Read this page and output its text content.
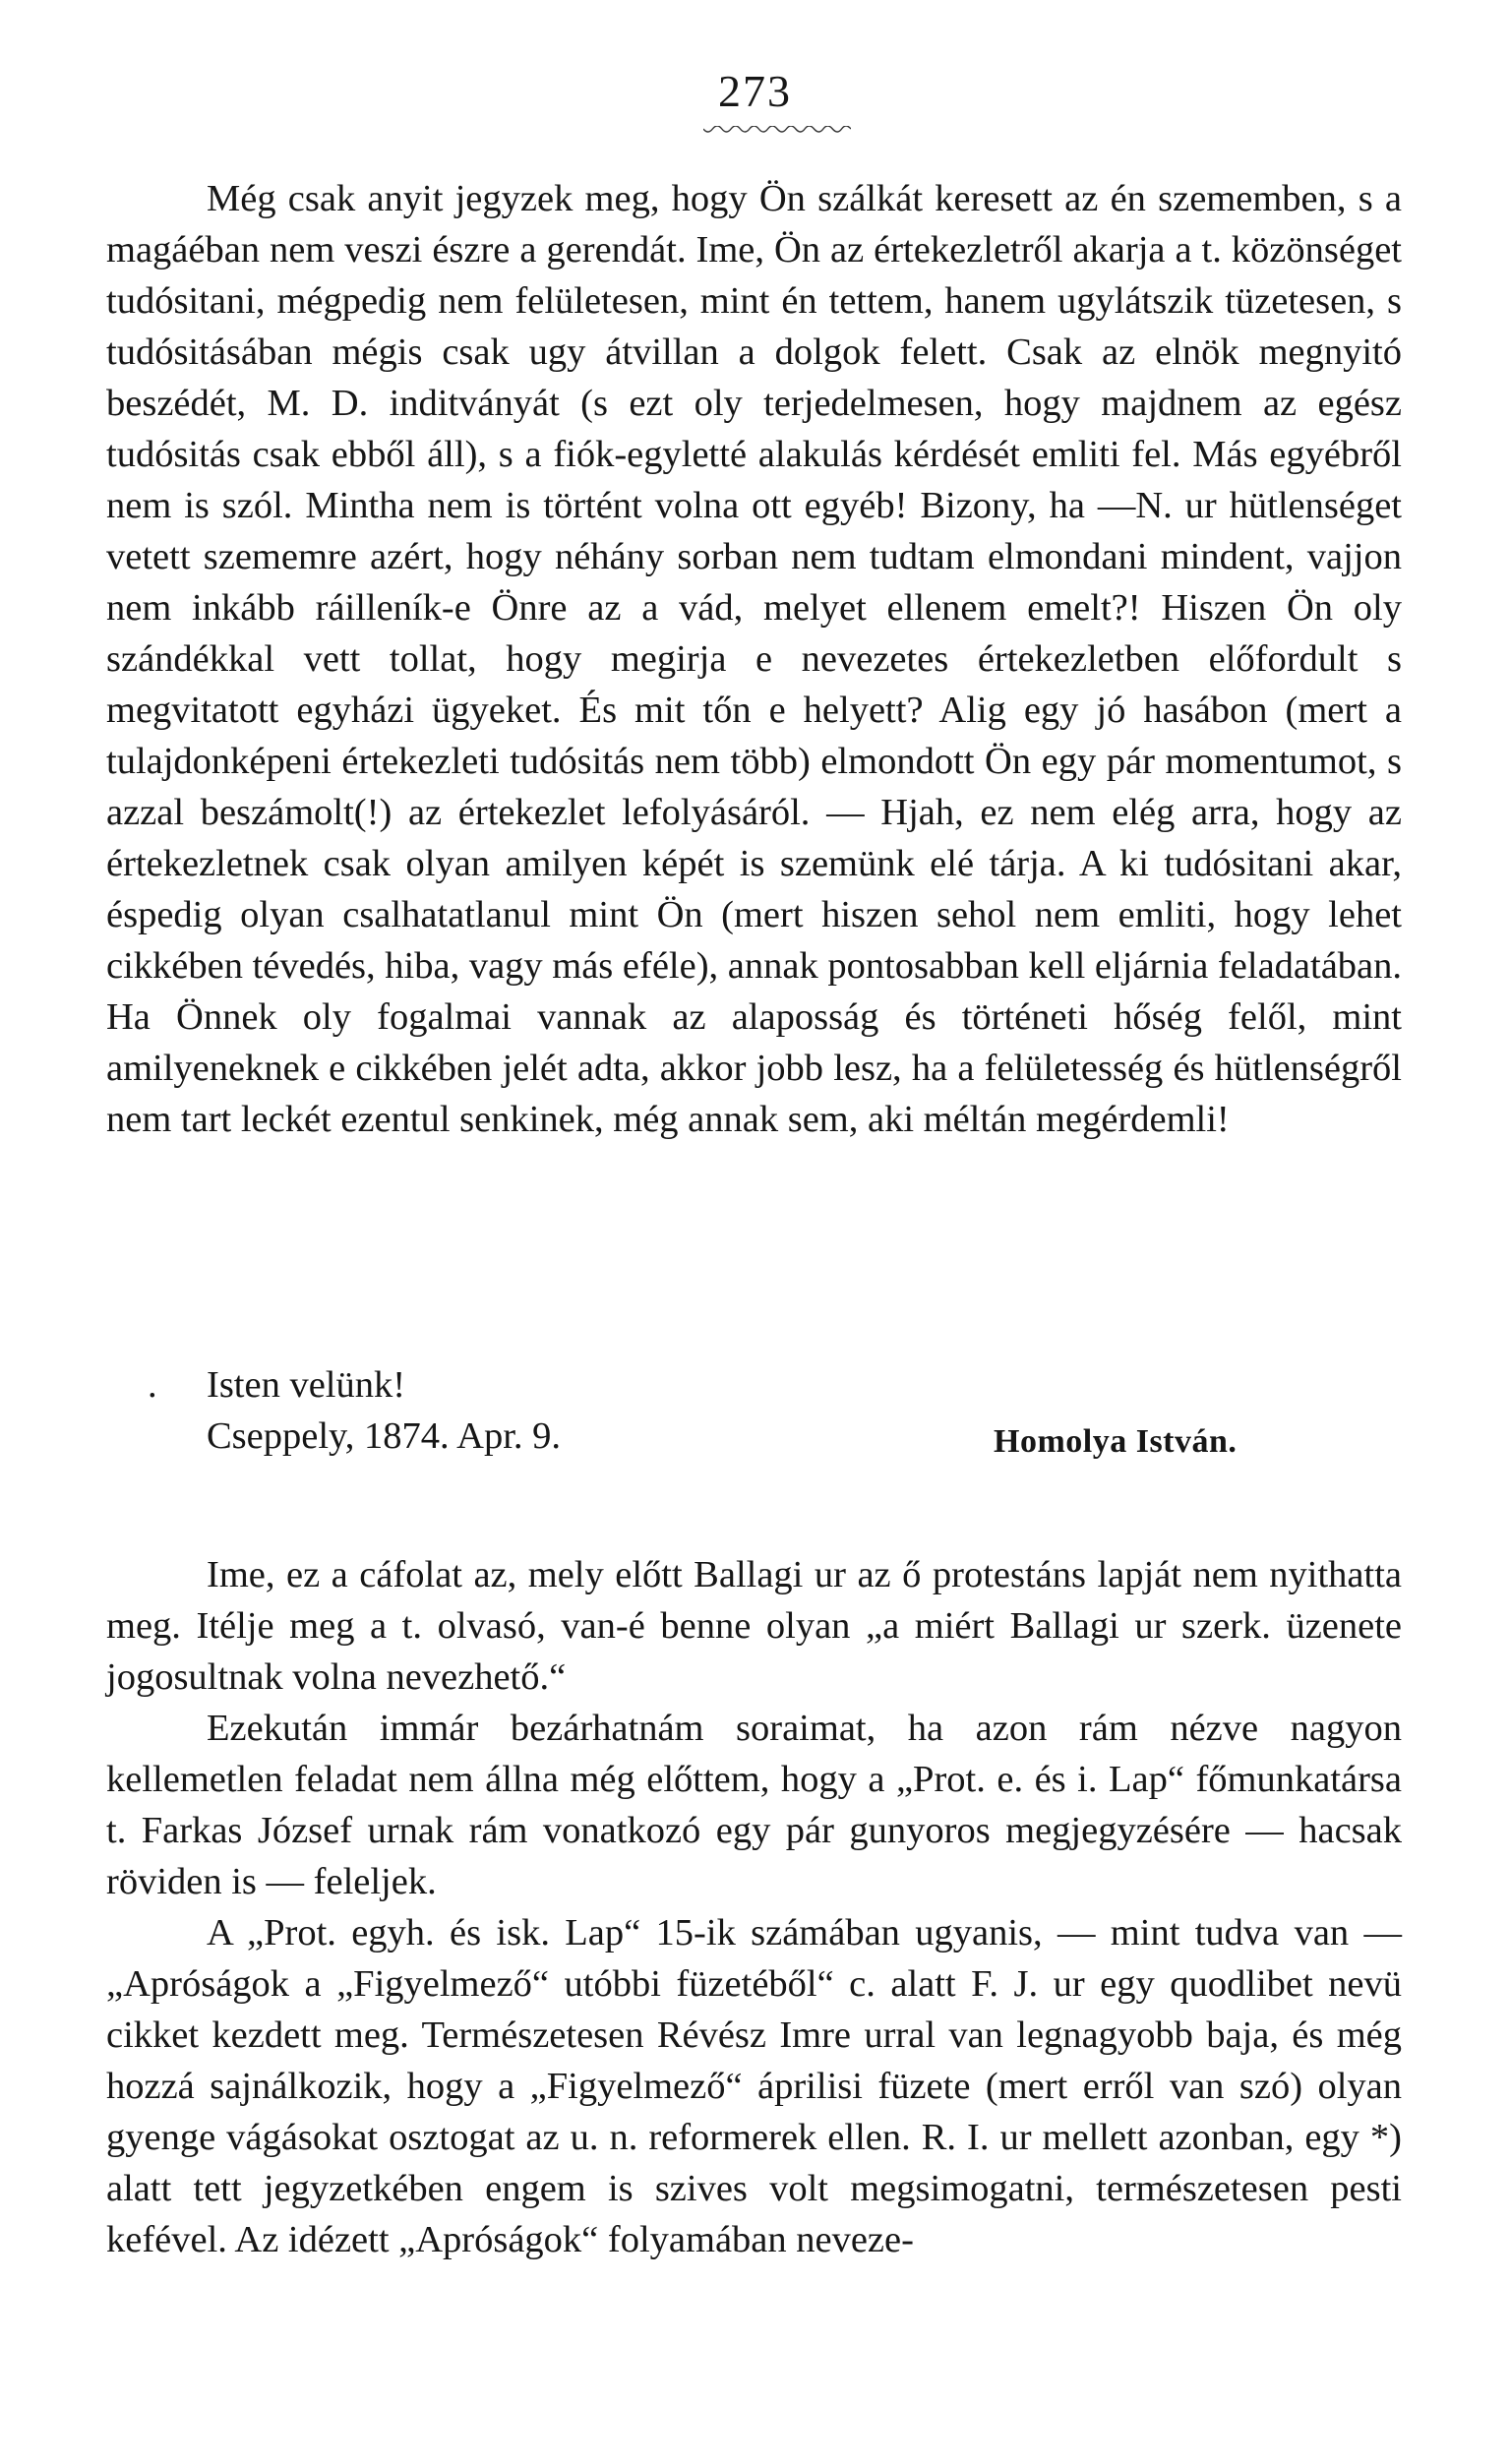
273

Még csak anyit jegyzek meg, hogy Ön szálkát keresett az én szememben, s a magáéban nem veszi észre a gerendát. Ime, Ön az értekezletről akarja a t. közönséget tudósitani, mégpedig nem felületesen, mint én tettem, hanem ugylátszik tüzetesen, s tudósitásában mégis csak ugy átvillan a dolgok felett. Csak az elnök megnyitó beszédét, M. D. inditványát (s ezt oly terjedelmesen, hogy majdnem az egész tudósitás csak ebből áll), s a fiók-egyletté alakulás kérdését emliti fel. Más egyébről nem is szól. Mintha nem is történt volna ott egyéb! Bizony, ha —N. ur hütlenséget vetett szememre azért, hogy néhány sorban nem tudtam elmondani mindent, vajjon nem inkább ráilleník-e Önre az a vád, melyet ellenem emelt?! Hiszen Ön oly szándékkal vett tollat, hogy megirja e nevezetes értekezletben előfordult s megvitatott egyházi ügyeket. És mit tőn e helyett? Alig egy jó hasábon (mert a tulajdonképeni értekezleti tudósitás nem több) elmondott Ön egy pár momentumot, s azzal beszámolt(!) az értekezlet lefolyásáról. — Hjah, ez nem elég arra, hogy az értekezletnek csak olyan amilyen képét is szemünk elé tárja. A ki tudósitani akar, éspedig olyan csalhatatlanul mint Ön (mert hiszen sehol nem emliti, hogy lehet cikkében tévedés, hiba, vagy más eféle), annak pontosabban kell eljárnia feladatában. Ha Önnek oly fogalmai vannak az alaposság és történeti hőség felől, mint amilyeneknek e cikkében jelét adta, akkor jobb lesz, ha a felületesség és hütlenségről nem tart leckét ezentul senkinek, még annak sem, aki méltán megérdemli!

. Isten velünk!
Cseppely, 1874. Apr. 9.	Homolya István.

Ime, ez a cáfolat az, mely előtt Ballagi ur az ő protestáns lapját nem nyithatta meg. Itélje meg a t. olvasó, van-é benne olyan „a miért Ballagi ur szerk. üzenete jogosultnak volna nevezhető.“

Ezekután immár bezárhatnám soraimat, ha azon rám nézve nagyon kellemetlen feladat nem állna még előttem, hogy a „Prot. e. és i. Lap“ főmunkatársa t. Farkas József urnak rám vonatkozó egy pár gunyoros megjegyzésére — hacsak röviden is — feleljek.

A „Prot. egyh. és isk. Lap“ 15-ik számában ugyanis, — mint tudva van — „Apróságok a „Figyelmező“ utóbbi füzetéből“ c. alatt F. J. ur egy quodlibet nevü cikket kezdett meg. Természetesen Révész Imre urral van legnagyobb baja, és még hozzá sajnálkozik, hogy a „Figyelmező“ áprilisi füzete (mert erről van szó) olyan gyenge vágásokat osztogat az u. n. reformerek ellen. R. I. ur mellett azonban, egy *) alatt tett jegyzetkében engem is szives volt megsimogatni, természetesen pesti kefével. Az idézett „Apróságok“ folyamában neveze-
